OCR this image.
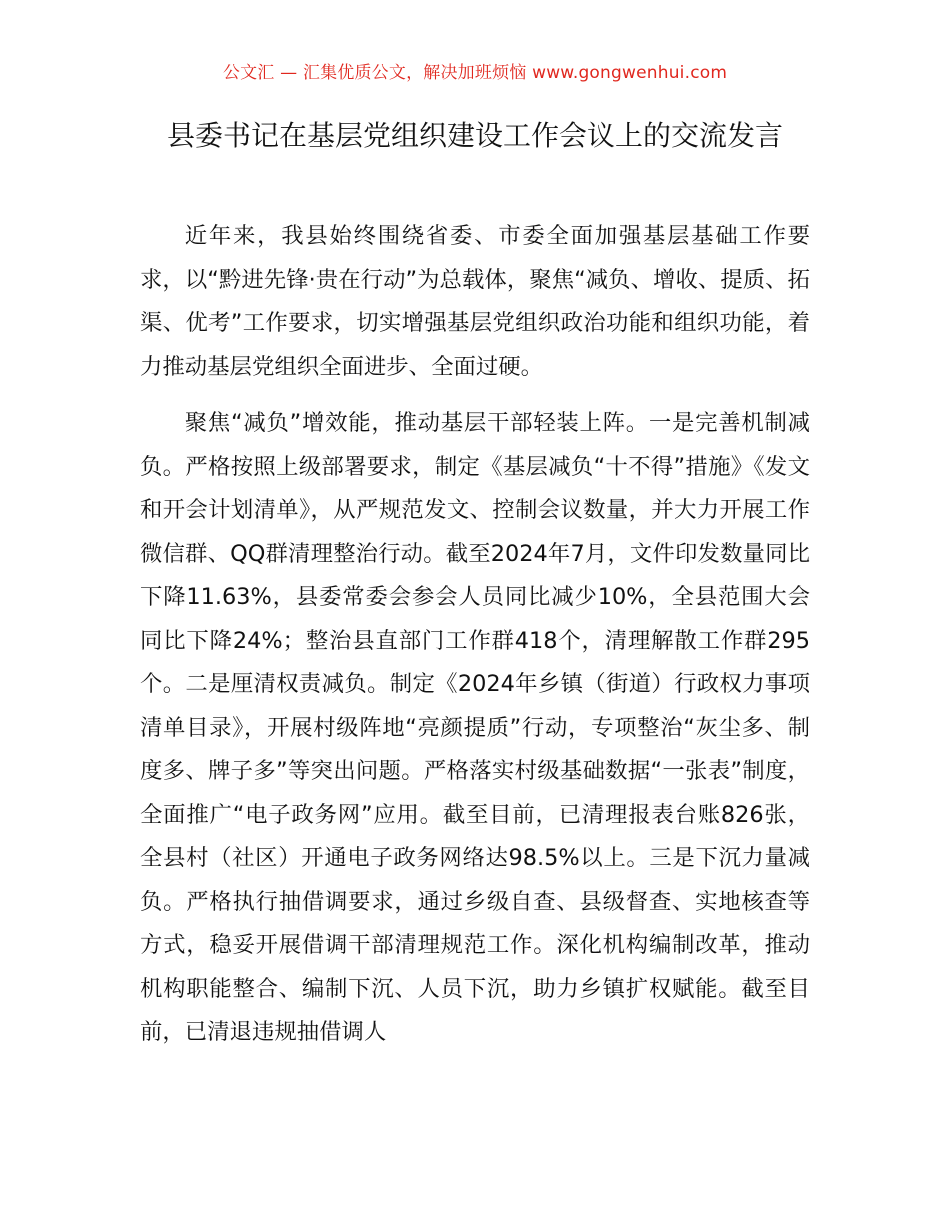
公文汇 — 汇集优质公文，解决加班烦恼 www.gongwenhui.com
县委书记在基层党组织建设工作会议上的交流发言

近年来，我县始终围绕省委、市委全面加强基层基础工作要求，以“黔进先锋·贵在行动”为总载体，聚焦“减负、增收、提质、拓渠、优考”工作要求，切实增强基层党组织政治功能和组织功能，着力推动基层党组织全面进步、全面过硬。

聚焦“减负”增效能，推动基层干部轻装上阵。一是完善机制减负。严格按照上级部署要求，制定《基层减负“十不得”措施》《发文和开会计划清单》，从严规范发文、控制会议数量，并大力开展工作微信群、QQ群清理整治行动。截至2024年7月，文件印发数量同比下降11.63%，县委常委会参会人员同比减少10%，全县范围大会同比下降24%；整治县直部门工作群418个，清理解散工作群295个。二是厘清权责减负。制定《2024年乡镇（街道）行政权力事项清单目录》，开展村级阵地“亮颜提质”行动，专项整治“灰尘多、制度多、牌子多”等突出问题。严格落实村级基础数据“一张表”制度，全面推广“电子政务网”应用。截至目前，已清理报表台账826张，全县村（社区）开通电子政务网络达98.5%以上。三是下沉力量减负。严格执行抽借调要求，通过乡级自查、县级督查、实地核查等方式，稳妥开展借调干部清理规范工作。深化机构编制改革，推动机构职能整合、编制下沉、人员下沉，助力乡镇扩权赋能。截至目前，已清退违规抽借调人
